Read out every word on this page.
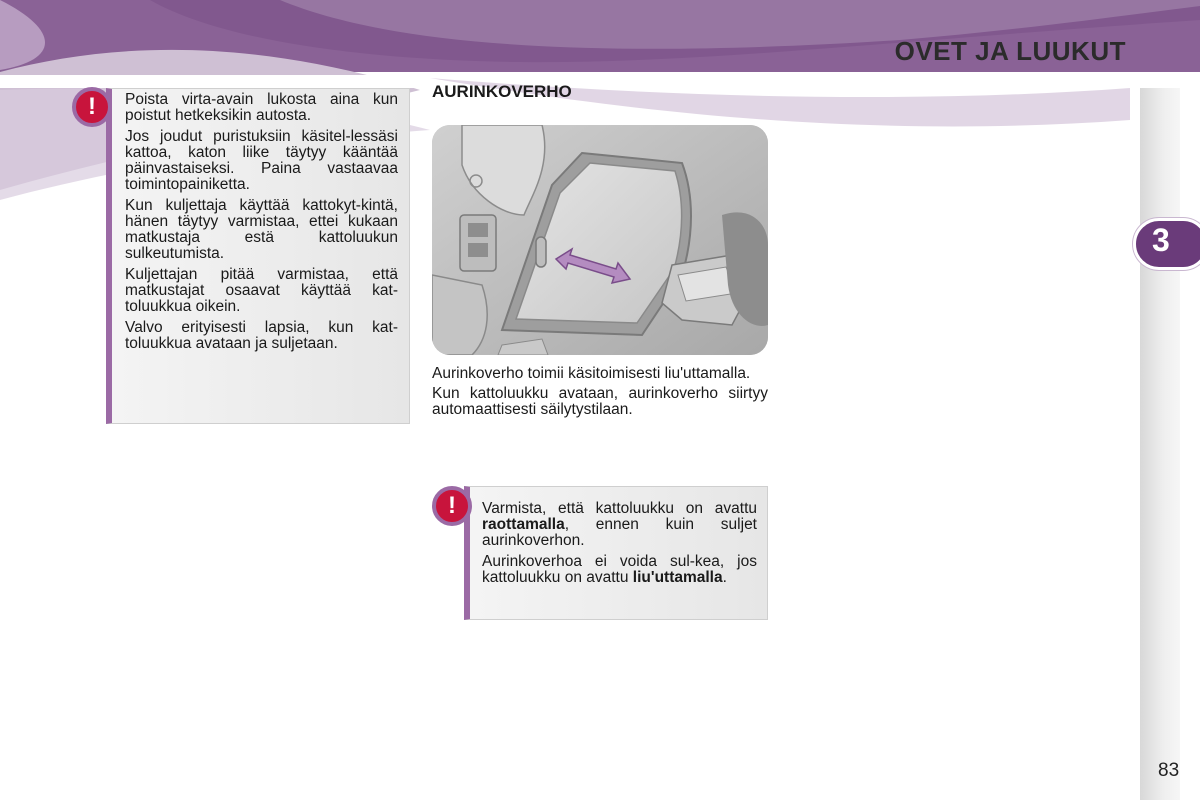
OVET JA LUUKUT
3

Poista virta-avain lukosta aina kun poistut hetkeksikin autosta.

Jos joudut puristuksiin käsitel-lessäsi kattoa, katon liike täytyy kääntää päinvastaiseksi. Paina vastaavaa toimintopainiketta.

Kun kuljettaja käyttää kattokyt-kintä, hänen täytyy varmistaa, ettei kukaan matkustaja estä kattoluukun sulkeutumista.

Kuljettajan pitää varmistaa, että matkustajat osaavat käyttää kat-toluukkua oikein.

Valvo erityisesti lapsia, kun kat-toluukkua avataan ja suljetaan.

!
AURINKOVERHO

Aurinkoverho toimii käsitoimisesti liu'uttamalla.

Kun kattoluukku avataan, aurinkoverho siirtyy automaattisesti säilytystilaan.

Varmista, että kattoluukku on avattu raottamalla, ennen kuin suljet aurinkoverhon.

Aurinkoverhoa ei voida sul-kea, jos kattoluukku on avattu liu'uttamalla.

!
83
